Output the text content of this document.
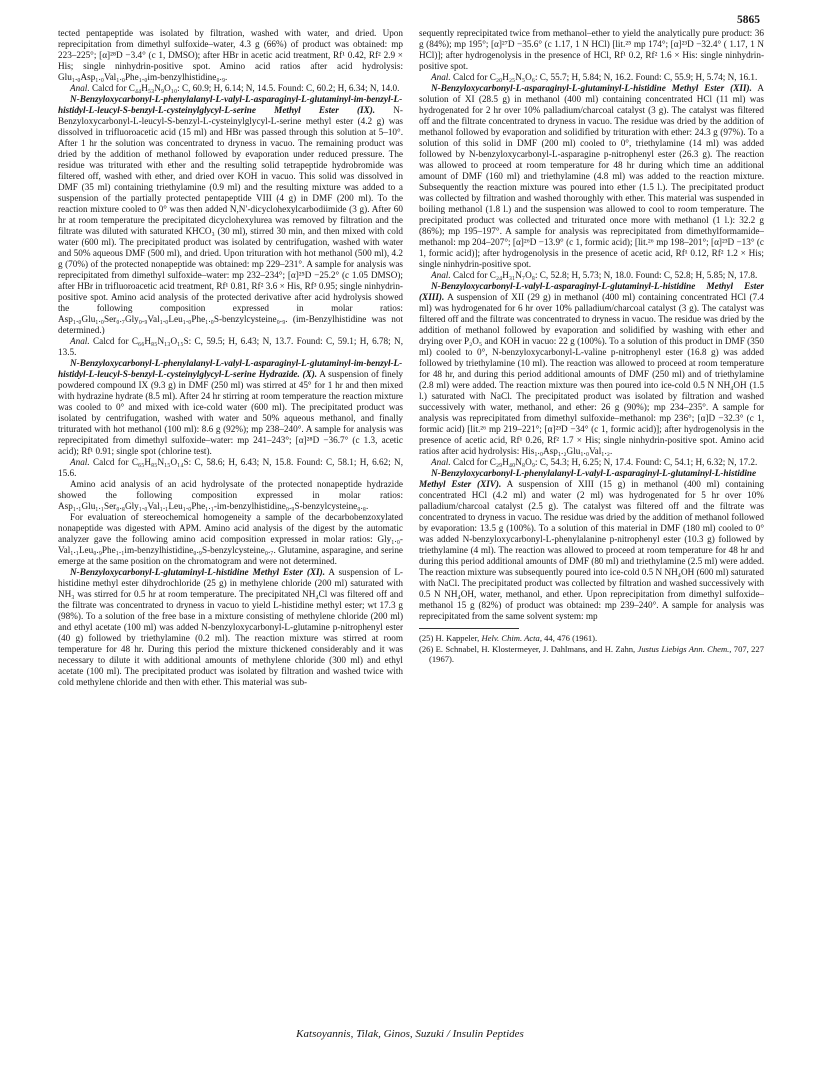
5865

tected pentapeptide was isolated by filtration, washed with water, and dried. Upon reprecipitation from dimethyl sulfoxide–water, 4.3 g (66%) of product was obtained: mp 223–225°; [α]²⁸D −3.4° (c 1, DMSO); after HBr in acetic acid treatment, Rf¹ 0.42, Rf² 2.9 × His; single ninhydrin-positive spot. Amino acid ratios after acid hydrolysis: Glu₁.₀Asp₁.₀Val₁.₀Phe₁.₀im-benzylhistidine₀.₉.

Anal. Calcd for C₄₄H₅₃N₉O₁₀: C, 60.9; H, 6.14; N, 14.5. Found: C, 60.2; H, 6.34; N, 14.0.

N-Benzyloxycarbonyl-L-phenylalanyl-L-valyl-L-asparaginyl-L-glutaminyl-im-benzyl-L-histidyl-L-leucyl-S-benzyl-L-cysteinylglycyl-L-serine Methyl Ester (IX). N-Benzyloxycarbonyl-L-leucyl-S-benzyl-L-cysteinylglycyl-L-serine methyl ester (4.2 g) was dissolved in trifluoroacetic acid (15 ml) and HBr was passed through this solution at 5–10°. After 1 hr the solution was concentrated to dryness in vacuo. The remaining product was dried by the addition of methanol followed by evaporation under reduced pressure. The residue was triturated with ether and the resulting solid tetrapeptide hydrobromide was filtered off, washed with ether, and dried over KOH in vacuo. This solid was dissolved in DMF (35 ml) containing triethylamine (0.9 ml) and the resulting mixture was added to a suspension of the partially protected pentapeptide VIII (4 g) in DMF (200 ml). To the reaction mixture cooled to 0° was then added N,N′-dicyclohexylcarbodiimide (3 g). After 60 hr at room temperature the precipitated dicyclohexylurea was removed by filtration and the filtrate was diluted with saturated KHCO₃ (30 ml), stirred 30 min, and then mixed with cold water (600 ml). The precipitated product was isolated by centrifugation, washed with water and 50% aqueous DMF (500 ml), and dried. Upon trituration with hot methanol (500 ml), 4.2 g (70%) of the protected nonapeptide was obtained: mp 229–231°. A sample for analysis was reprecipitated from dimethyl sulfoxide–water: mp 232–234°; [α]²⁵D −25.2° (c 1.05 DMSO); after HBr in trifluoroacetic acid treatment, Rf¹ 0.81, Rf² 3.6 × His, Rf³ 0.95; single ninhydrin-positive spot. Amino acid analysis of the protected derivative after acid hydrolysis showed the following composition expressed in molar ratios: Asp₁.₀Glu₁.₀Ser₀.₇Gly₀.₉Val₁.₀Leu₁.₀Phe₁.₀S-benzylcysteine₀.₉. (im-Benzylhistidine was not determined.)

Anal. Calcd for C₆₆H₈₅N₁₃O₁₅S: C, 59.5; H, 6.43; N, 13.7. Found: C, 59.1; H, 6.78; N, 13.5.

N-Benzyloxycarbonyl-L-phenylalanyl-L-valyl-L-asparaginyl-L-glutaminyl-im-benzyl-L-histidyl-L-leucyl-S-benzyl-L-cysteinylglycyl-L-serine Hydrazide. (X). A suspension of finely powdered compound IX (9.3 g) in DMF (250 ml) was stirred at 45° for 1 hr and then mixed with hydrazine hydrate (8.5 ml). After 24 hr stirring at room temperature the reaction mixture was cooled to 0° and mixed with ice-cold water (600 ml). The precipitated product was isolated by centrifugation, washed with water and 50% aqueous methanol, and finally triturated with hot methanol (100 ml): 8.6 g (92%); mp 238–240°. A sample for analysis was reprecipitated from dimethyl sulfoxide–water: mp 241–243°; [α]²⁸D −36.7° (c 1.3, acetic acid); Rf¹ 0.91; single spot (chlorine test).

Anal. Calcd for C₆₅H₈₅N₁₅O₁₄S: C, 58.6; H, 6.43; N, 15.8. Found: C, 58.1; H, 6.62; N, 15.6.

Amino acid analysis of an acid hydrolysate of the protected nonapeptide hydrazide showed the following composition expressed in molar ratios: Asp₁.₁Glu₁.₁Ser₀.₈Gly₁.₀Val₁.₁Leu₁.₀Phe₁.₁-im-benzylhistidine₀.₉S-benzylcysteine₀.₈.

For evaluation of stereochemical homogeneity a sample of the decarbobenzoxylated nonapeptide was digested with APM. Amino acid analysis of the digest by the automatic analyzer gave the following amino acid composition expressed in molar ratios: Gly₁.₀-Val₁.₁Leu₀.₉Phe₁.₁im-benzylhistidine₀.₉S-benzylcysteine₀.₇. Glutamine, asparagine, and serine emerge at the same position on the chromatogram and were not determined.

N-Benzyloxycarbonyl-L-glutaminyl-L-histidine Methyl Ester (XI). A suspension of L-histidine methyl ester dihydrochloride (25 g) in methylene chloride (200 ml) saturated with NH₃ was stirred for 0.5 hr at room temperature. The precipitated NH₄Cl was filtered off and the filtrate was concentrated to dryness in vacuo to yield L-histidine methyl ester; wt 17.3 g (98%). To a solution of the free base in a mixture consisting of methylene chloride (200 ml) and ethyl acetate (100 ml) was added N-benzyloxycarbonyl-L-glutamine p-nitrophenyl ester (40 g) followed by triethylamine (0.2 ml). The reaction mixture was stirred at room temperature for 48 hr. During this period the mixture thickened considerably and it was necessary to dilute it with additional amounts of methylene chloride (300 ml) and ethyl acetate (100 ml). The precipitated product was isolated by filtration and washed twice with cold methylene chloride and then with ether. This material was sub-

sequently reprecipitated twice from methanol–ether to yield the analytically pure product: 36 g (84%); mp 195°; [α]²⁷D −35.6° (c 1.17, 1 N HCl) [lit.²⁵ mp 174°; [α]²³D −32.4° ( 1.17, 1 N HCl)]; after hydrogenolysis in the presence of HCl, Rf¹ 0.2, Rf² 1.6 × His: single ninhydrin-positive spot.

Anal. Calcd for C₂₀H₂₅N₅O₆: C, 55.7; H, 5.84; N, 16.2. Found: C, 55.9; H, 5.74; N, 16.1.

N-Benzyloxycarbonyl-L-asparaginyl-L-glutaminyl-L-histidine Methyl Ester (XII). A solution of XI (28.5 g) in methanol (400 ml) containing concentrated HCl (11 ml) was hydrogenated for 2 hr over 10% palladium/charcoal catalyst (3 g). The catalyst was filtered off and the filtrate concentrated to dryness in vacuo. The residue was dried by the addition of methanol followed by evaporation and solidified by trituration with ether: 24.3 g (97%). To a solution of this solid in DMF (200 ml) cooled to 0°, triethylamine (14 ml) was added followed by N-benzyloxycarbonyl-L-asparagine p-nitrophenyl ester (26.3 g). The reaction was allowed to proceed at room temperature for 48 hr during which time an additional amount of DMF (160 ml) and triethylamine (4.8 ml) was added to the reaction mixture. Subsequently the reaction mixture was poured into ether (1.5 l.). The precipitated product was collected by filtration and washed thoroughly with ether. This material was suspended in boiling methanol (1.8 l.) and the suspension was allowed to cool to room temperature. The precipitated product was collected and triturated once more with methanol (1 l.): 32.2 g (86%); mp 195–197°. A sample for analysis was reprecipitated from dimethylformamide–methanol: mp 204–207°; [α]²⁶D −13.9° (c 1, formic acid); [lit.²⁶ mp 198–201°; [α]²³D −13° (c 1, formic acid)]; after hydrogenolysis in the presence of acetic acid, Rf¹ 0.12, Rf² 1.2 × His; single ninhydrin-positive spot.

Anal. Calcd for C₂₄H₃₁N₇O₈: C, 52.8; H, 5.73; N, 18.0. Found: C, 52.8; H, 5.85; N, 17.8.

N-Benzyloxycarbonyl-L-valyl-L-asparaginyl-L-glutaminyl-L-histidine Methyl Ester (XIII). A suspension of XII (29 g) in methanol (400 ml) containing concentrated HCl (7.4 ml) was hydrogenated for 6 hr over 10% palladium/charcoal catalyst (3 g). The catalyst was filtered off and the filtrate was concentrated to dryness in vacuo. The residue was dried by the addition of methanol followed by evaporation and solidified by washing with ether and drying over P₂O₅ and KOH in vacuo: 22 g (100%). To a solution of this product in DMF (350 ml) cooled to 0°, N-benzyloxycarbonyl-L-valine p-nitrophenyl ester (16.8 g) was added followed by triethylamine (10 ml). The reaction was allowed to proceed at room temperature for 48 hr, and during this period additional amounts of DMF (250 ml) and of triethylamine (2.8 ml) were added. The reaction mixture was then poured into ice-cold 0.5 N NH₄OH (1.5 l.) saturated with NaCl. The precipitated product was isolated by filtration and washed successively with water, methanol, and ether: 26 g (90%); mp 234–235°. A sample for analysis was reprecipitated from dimethyl sulfoxide–methanol: mp 236°; [α]D −32.3° (c 1, formic acid) [lit.²⁶ mp 219–221°; [α]²³D −34° (c 1, formic acid)]; after hydrogenolysis in the presence of acetic acid, Rf¹ 0.26, Rf² 1.7 × His; single ninhydrin-positive spot. Amino acid ratios after acid hydrolysis: His₁.₀Asp₁.₂Glu₁.₀Val₁.₂.

Anal. Calcd for C₂₉H₄₀N₈O₉: C, 54.3; H, 6.25; N, 17.4. Found: C, 54.1; H, 6.32; N, 17.2.

N-Benzyloxycarbonyl-L-phenylalanyl-L-valyl-L-asparaginyl-L-glutaminyl-L-histidine Methyl Ester (XIV). A suspension of XIII (15 g) in methanol (400 ml) containing concentrated HCl (4.2 ml) and water (2 ml) was hydrogenated for 5 hr over 10% palladium/charcoal catalyst (2.5 g). The catalyst was filtered off and the filtrate was concentrated to dryness in vacuo. The residue was dried by the addition of methanol followed by evaporation: 13.5 g (100%). To a solution of this material in DMF (180 ml) cooled to 0° was added N-benzyloxycarbonyl-L-phenylalanine p-nitrophenyl ester (10.3 g) followed by triethylamine (4 ml). The reaction was allowed to proceed at room temperature for 48 hr and during this period additional amounts of DMF (80 ml) and triethylamine (2.5 ml) were added. The reaction mixture was subsequently poured into ice-cold 0.5 N NH₄OH (600 ml) saturated with NaCl. The precipitated product was collected by filtration and washed successively with 0.5 N NH₄OH, water, methanol, and ether. Upon reprecipitation from dimethyl sulfoxide–methanol 15 g (82%) of product was obtained: mp 239–240°. A sample for analysis was reprecipitated from the same solvent system: mp

(25) H. Kappeler, Helv. Chim. Acta, 44, 476 (1961).

(26) E. Schnabel, H. Klostermeyer, J. Dahlmans, and H. Zahn, Justus Liebigs Ann. Chem., 707, 227 (1967).

Katsoyannis, Tilak, Ginos, Suzuki / Insulin Peptides
